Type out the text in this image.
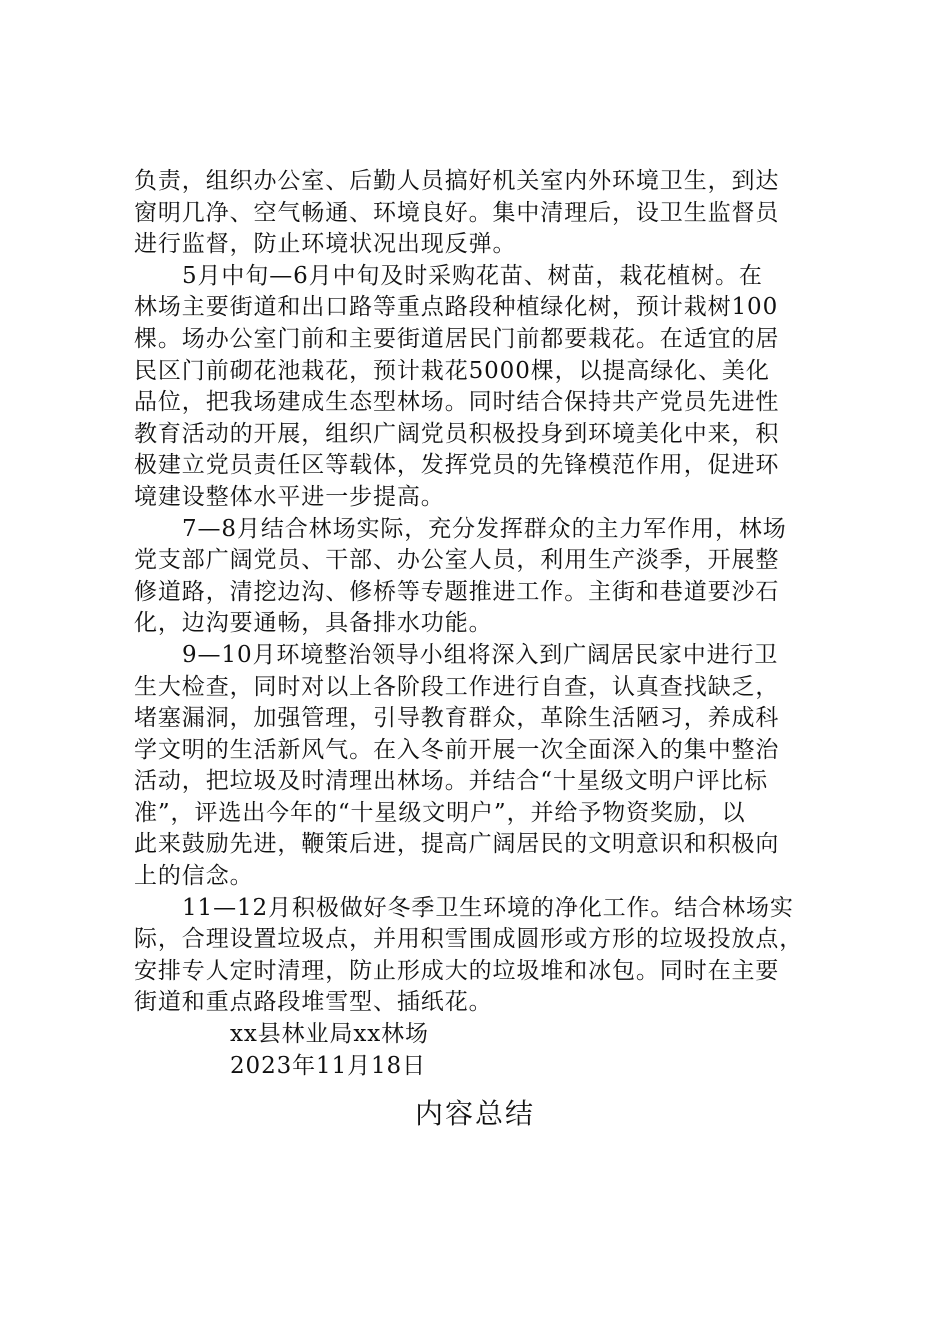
负责，组织办公室、后勤人员搞好机关室内外环境卫生，到达
窗明几净、空气畅通、环境良好。集中清理后，设卫生监督员
进行监督，防止环境状况出现反弹。

5月中旬—6月中旬及时采购花苗、树苗，栽花植树。在
林场主要街道和出口路等重点路段种植绿化树，预计栽树100
棵。场办公室门前和主要街道居民门前都要栽花。在适宜的居
民区门前砌花池栽花，预计栽花5000棵，以提高绿化、美化
品位，把我场建成生态型林场。同时结合保持共产党员先进性
教育活动的开展，组织广阔党员积极投身到环境美化中来，积
极建立党员责任区等载体，发挥党员的先锋模范作用，促进环
境建设整体水平进一步提高。

7—8月结合林场实际，充分发挥群众的主力军作用，林场
党支部广阔党员、干部、办公室人员，利用生产淡季，开展整
修道路，清挖边沟、修桥等专题推进工作。主街和巷道要沙石
化，边沟要通畅，具备排水功能。

9—10月环境整治领导小组将深入到广阔居民家中进行卫
生大检查，同时对以上各阶段工作进行自查，认真查找缺乏，
堵塞漏洞，加强管理，引导教育群众，革除生活陋习，养成科
学文明的生活新风气。在入冬前开展一次全面深入的集中整治
活动，把垃圾及时清理出林场。并结合“十星级文明户评比标
准”，评选出今年的“十星级文明户”，并给予物资奖励，以
此来鼓励先进，鞭策后进，提高广阔居民的文明意识和积极向
上的信念。

11—12月积极做好冬季卫生环境的净化工作。结合林场实
际，合理设置垃圾点，并用积雪围成圆形或方形的垃圾投放点，
安排专人定时清理，防止形成大的垃圾堆和冰包。同时在主要
街道和重点路段堆雪型、插纸花。

xx县林业局xx林场

2023年11月18日

内容总结
